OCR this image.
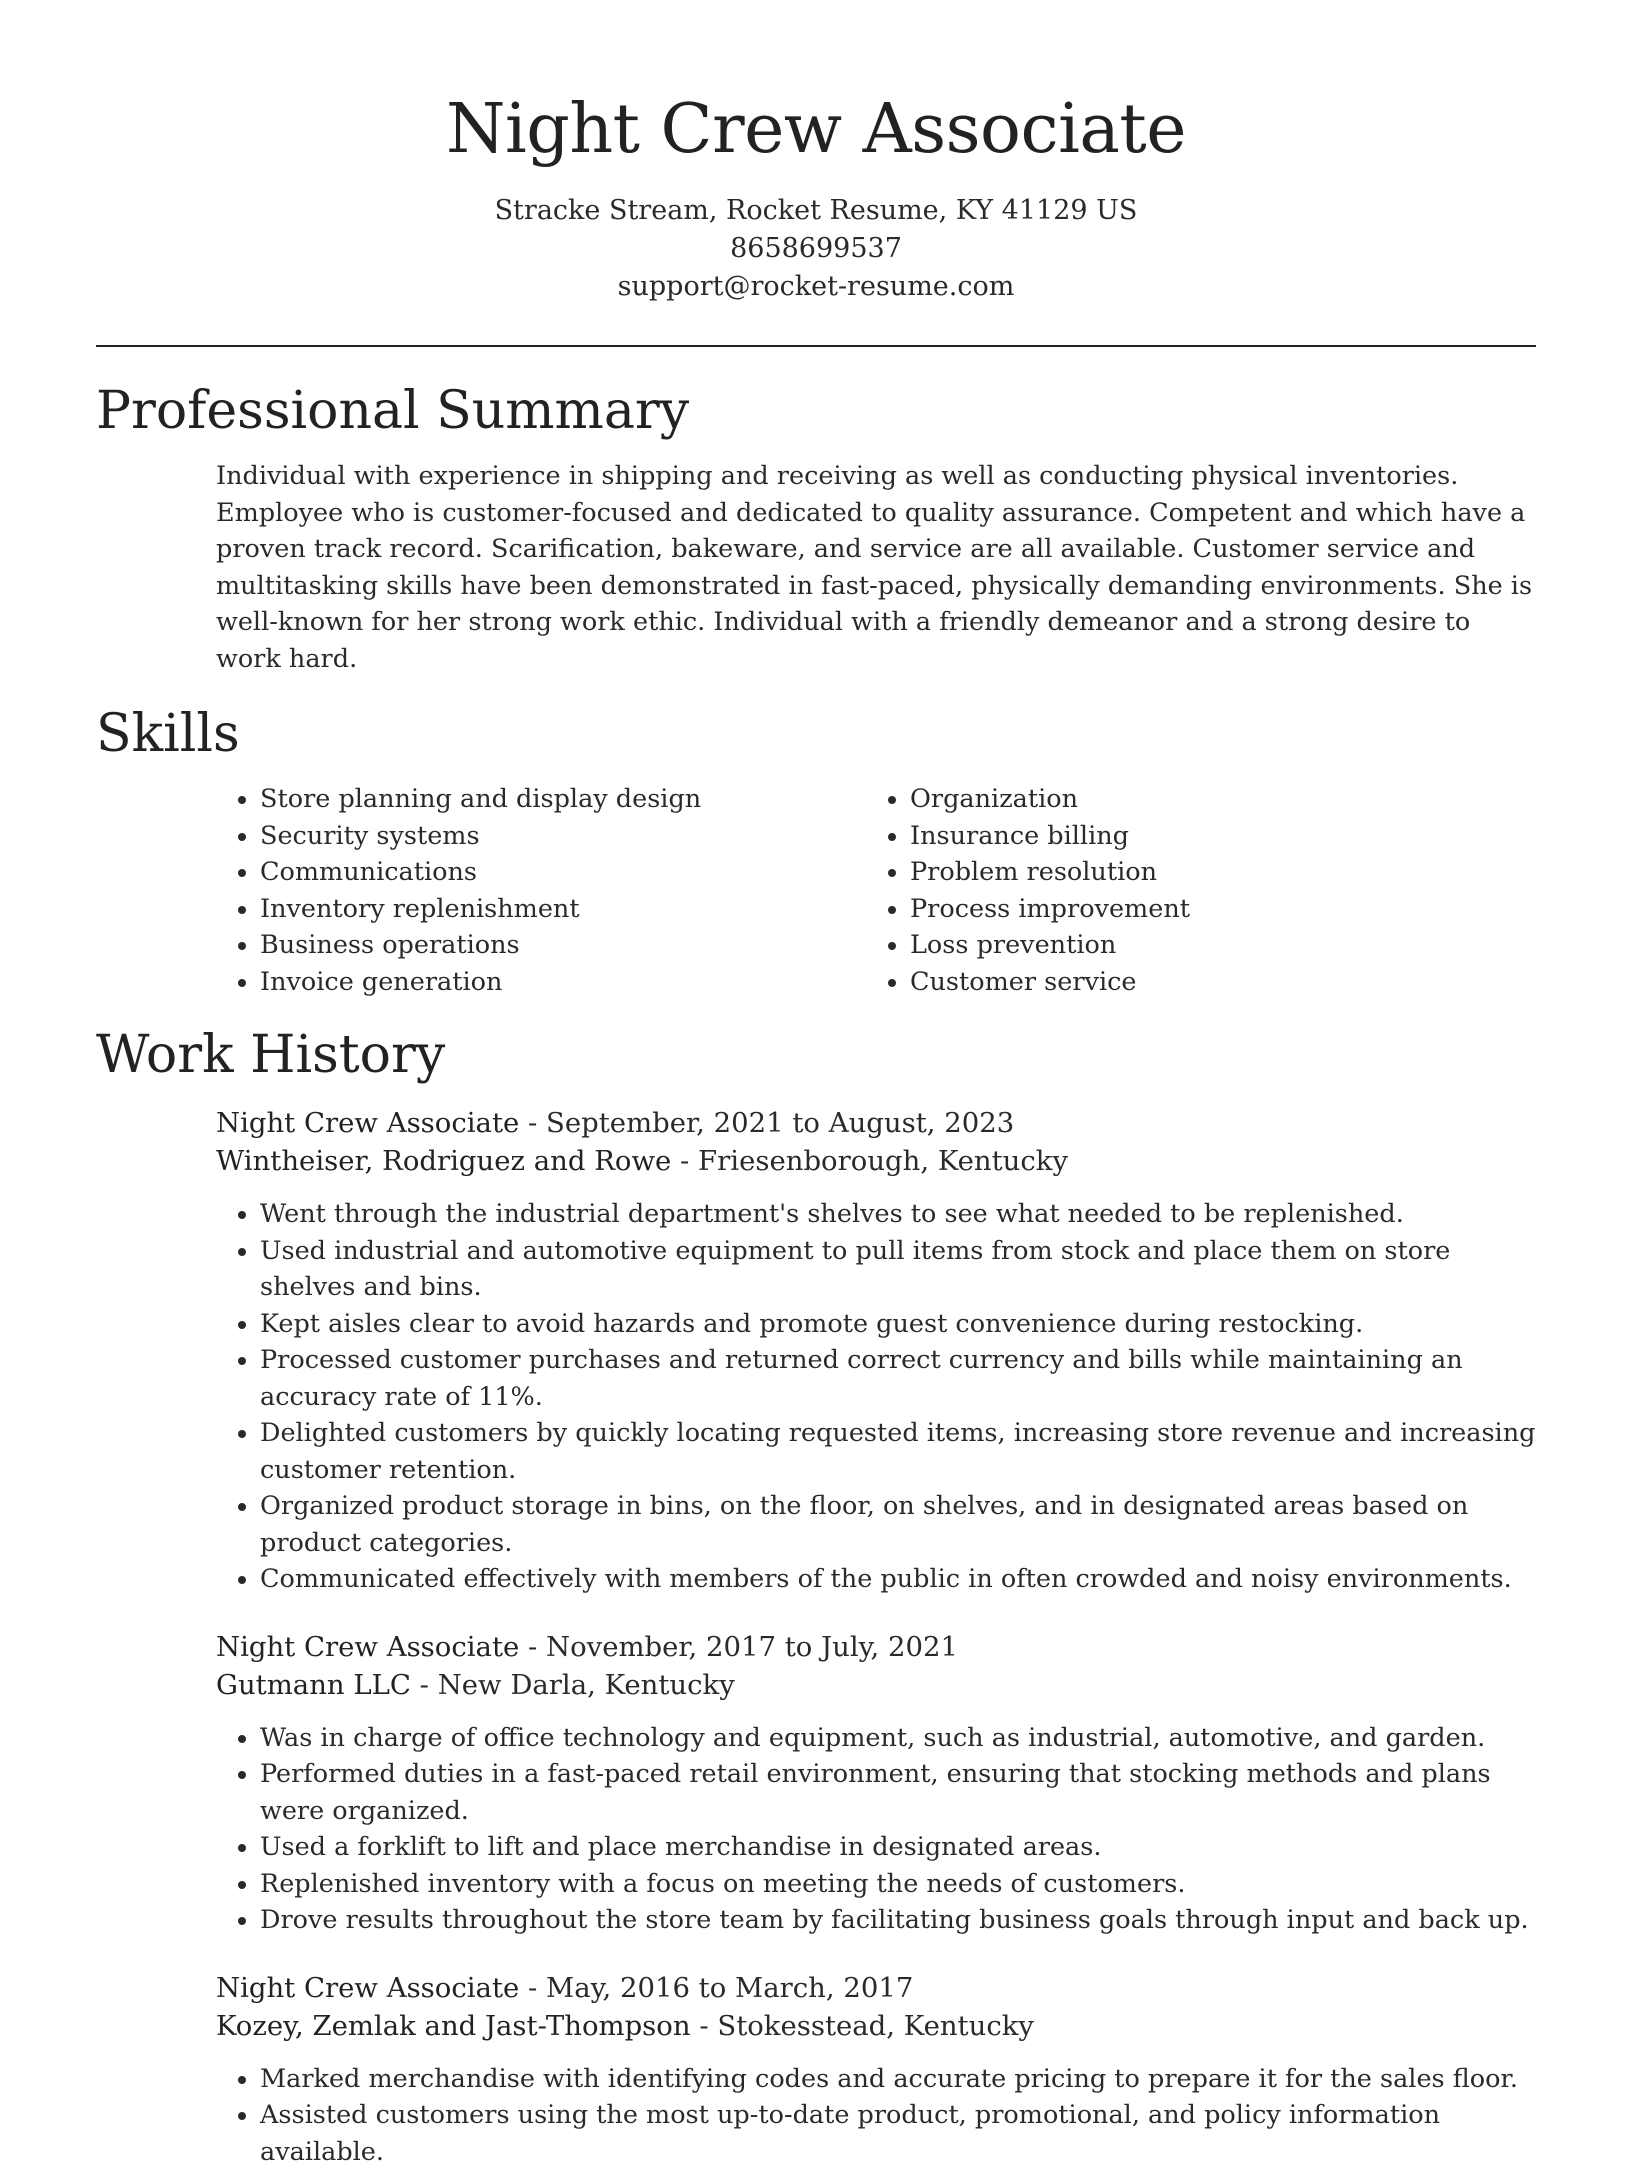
Night Crew Associate
Stracke Stream, Rocket Resume, KY 41129 US
8658699537
support@rocket-resume.com
Professional Summary
Individual with experience in shipping and receiving as well as conducting physical inventories. Employee who is customer-focused and dedicated to quality assurance. Competent and which have a proven track record. Scarification, bakeware, and service are all available. Customer service and multitasking skills have been demonstrated in fast-paced, physically demanding environments. She is well-known for her strong work ethic. Individual with a friendly demeanor and a strong desire to work hard.
Skills
• Store planning and display design
• Security systems
• Communications
• Inventory replenishment
• Business operations
• Invoice generation
• Organization
• Insurance billing
• Problem resolution
• Process improvement
• Loss prevention
• Customer service
Work History
Night Crew Associate - September, 2021 to August, 2023
Wintheiser, Rodriguez and Rowe - Friesenborough, Kentucky
• Went through the industrial department's shelves to see what needed to be replenished.
• Used industrial and automotive equipment to pull items from stock and place them on store shelves and bins.
• Kept aisles clear to avoid hazards and promote guest convenience during restocking.
• Processed customer purchases and returned correct currency and bills while maintaining an accuracy rate of 11%.
• Delighted customers by quickly locating requested items, increasing store revenue and increasing customer retention.
• Organized product storage in bins, on the floor, on shelves, and in designated areas based on product categories.
• Communicated effectively with members of the public in often crowded and noisy environments.
Night Crew Associate - November, 2017 to July, 2021
Gutmann LLC - New Darla, Kentucky
• Was in charge of office technology and equipment, such as industrial, automotive, and garden.
• Performed duties in a fast-paced retail environment, ensuring that stocking methods and plans were organized.
• Used a forklift to lift and place merchandise in designated areas.
• Replenished inventory with a focus on meeting the needs of customers.
• Drove results throughout the store team by facilitating business goals through input and back up.
Night Crew Associate - May, 2016 to March, 2017
Kozey, Zemlak and Jast-Thompson - Stokesstead, Kentucky
• Marked merchandise with identifying codes and accurate pricing to prepare it for the sales floor.
• Assisted customers using the most up-to-date product, promotional, and policy information available.
